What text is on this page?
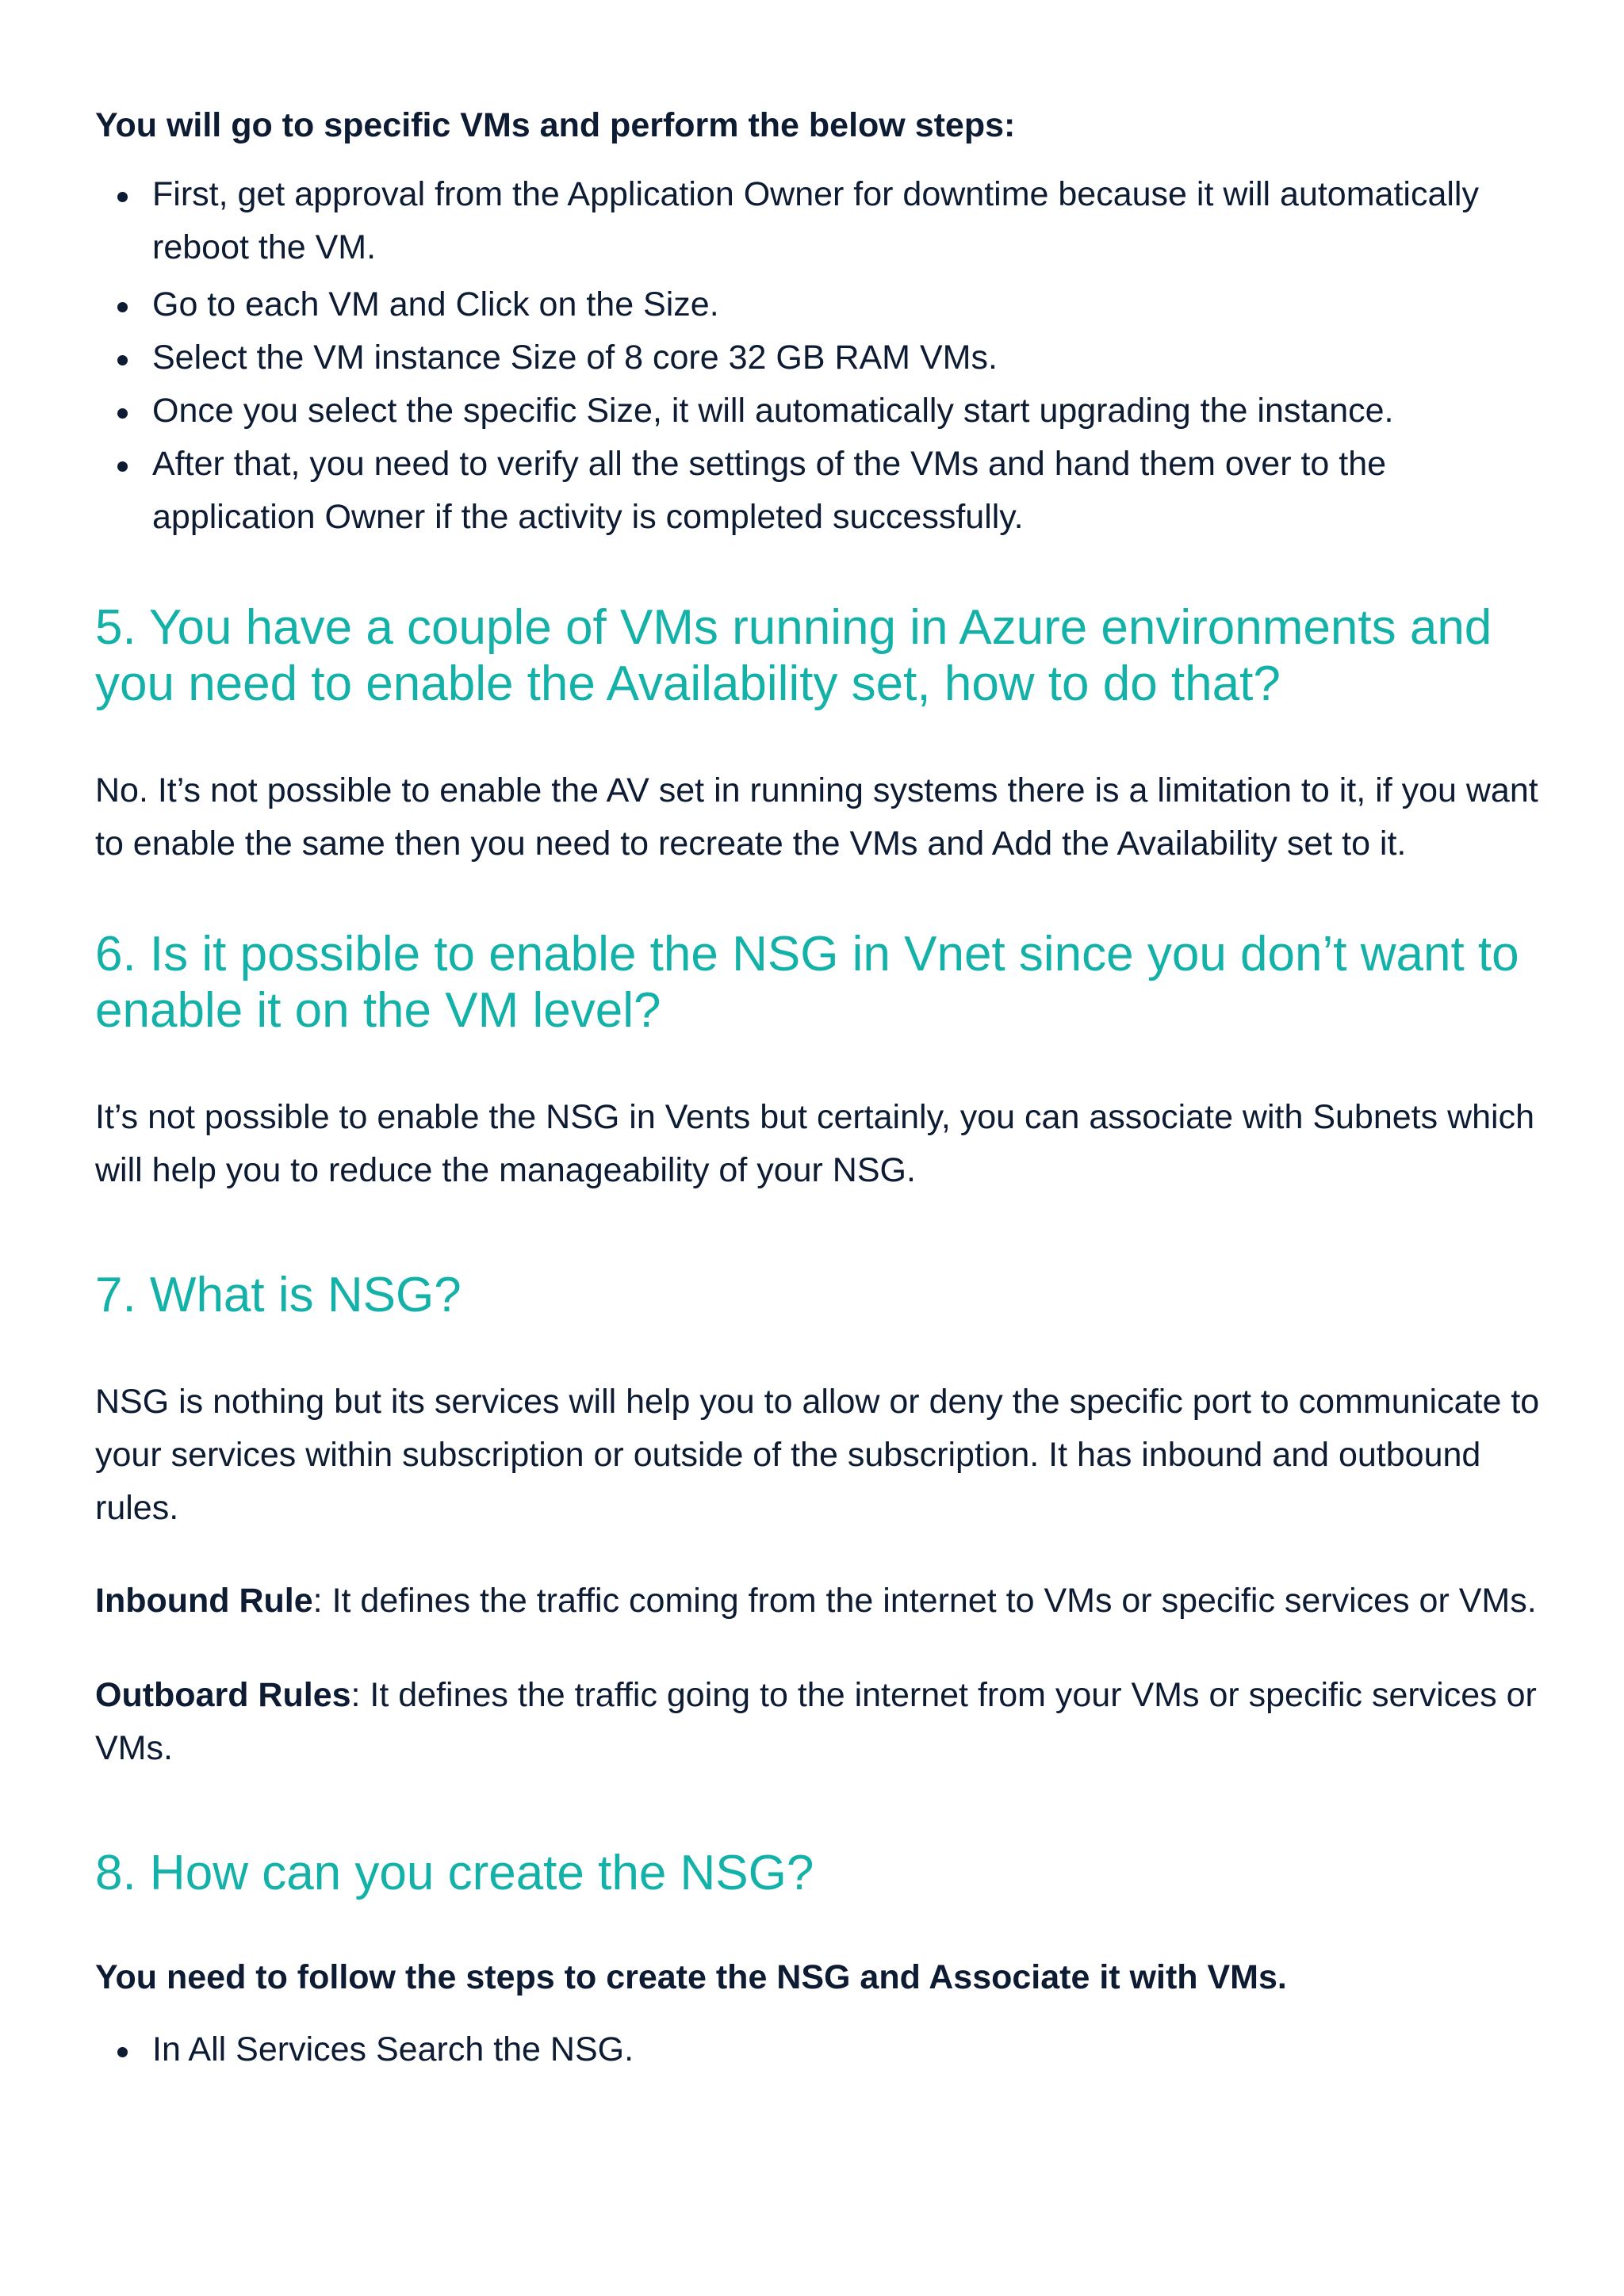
You will go to specific VMs and perform the below steps:

First, get approval from the Application Owner for downtime because it will automatically reboot the VM.
Go to each VM and Click on the Size.
Select the VM instance Size of 8 core 32 GB RAM VMs.
Once you select the specific Size, it will automatically start upgrading the instance.
After that, you need to verify all the settings of the VMs and hand them over to the application Owner if the activity is completed successfully.
5. You have a couple of VMs running in Azure environments and you need to enable the Availability set, how to do that?

No. It’s not possible to enable the AV set in running systems there is a limitation to it, if you want to enable the same then you need to recreate the VMs and Add the Availability set to it.

6. Is it possible to enable the NSG in Vnet since you don’t want to enable it on the VM level?

It’s not possible to enable the NSG in Vents but certainly, you can associate with Subnets which will help you to reduce the manageability of your NSG.

7. What is NSG?

NSG is nothing but its services will help you to allow or deny the specific port to communicate to your services within subscription or outside of the subscription. It has inbound and outbound rules.

Inbound Rule: It defines the traffic coming from the internet to VMs or specific services or VMs.

Outboard Rules: It defines the traffic going to the internet from your VMs or specific services or VMs.

8. How can you create the NSG?

You need to follow the steps to create the NSG and Associate it with VMs.

In All Services Search the NSG.
